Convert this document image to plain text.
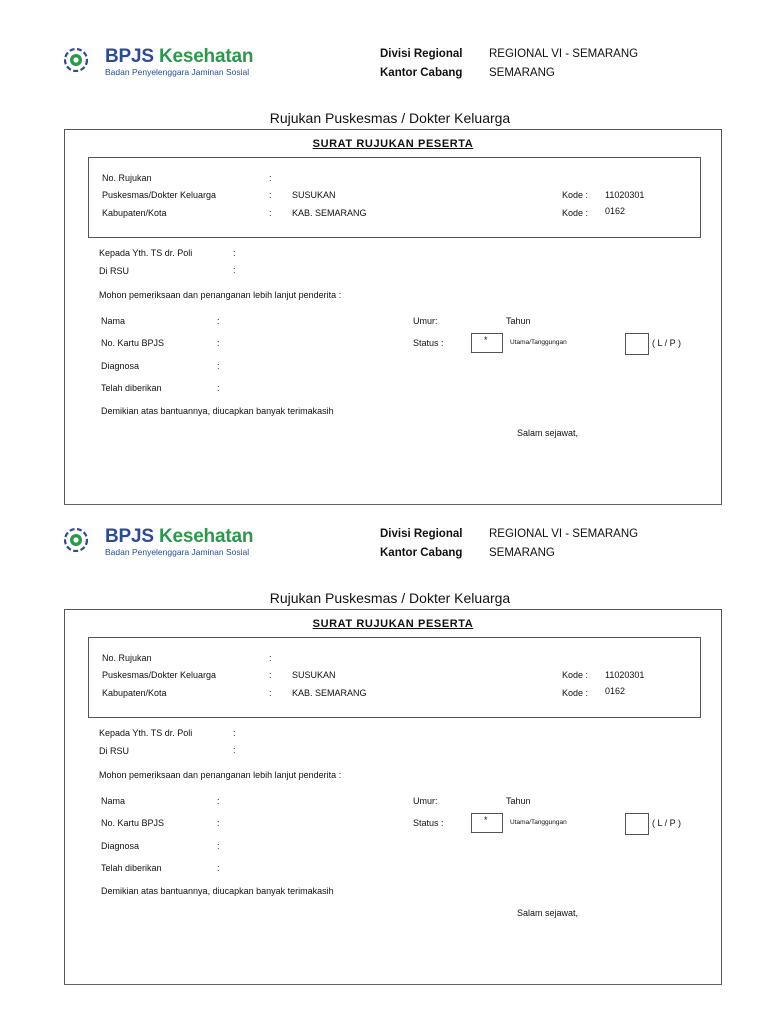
BPJS Kesehatan
Badan Penyelenggara Jaminan Sosial
Divisi Regional REGIONAL VI - SEMARANG
Kantor Cabang SEMARANG
Rujukan Puskesmas / Dokter Keluarga
SURAT RUJUKAN PESERTA
No. Rujukan	:
Puskesmas/Dokter Keluarga	: SUSUKAN
Kabupaten/Kota	: KAB. SEMARANG
Kode : 11020301
Kode : 0162
Kepada Yth. TS dr. Poli	:
Di RSU	:
Mohon pemeriksaan dan penanganan lebih lanjut penderita :
Nama	:
No. Kartu BPJS	:
Diagnosa	:
Telah diberikan	:
Umur:	Tahun
Status :	*	Utama/Tanggungan	( L / P )
Demikian atas bantuannya, diucapkan banyak terimakasih
Salam sejawat,
BPJS Kesehatan
Badan Penyelenggara Jaminan Sosial
Divisi Regional REGIONAL VI - SEMARANG
Kantor Cabang SEMARANG
Rujukan Puskesmas / Dokter Keluarga
SURAT RUJUKAN PESERTA
No. Rujukan	:
Puskesmas/Dokter Keluarga	: SUSUKAN
Kabupaten/Kota	: KAB. SEMARANG
Kode : 11020301
Kode : 0162
Kepada Yth. TS dr. Poli	:
Di RSU	:
Mohon pemeriksaan dan penanganan lebih lanjut penderita :
Nama	:
No. Kartu BPJS	:
Diagnosa	:
Telah diberikan	:
Umur:	Tahun
Status :	*	Utama/Tanggungan	( L / P )
Demikian atas bantuannya, diucapkan banyak terimakasih
Salam sejawat,
